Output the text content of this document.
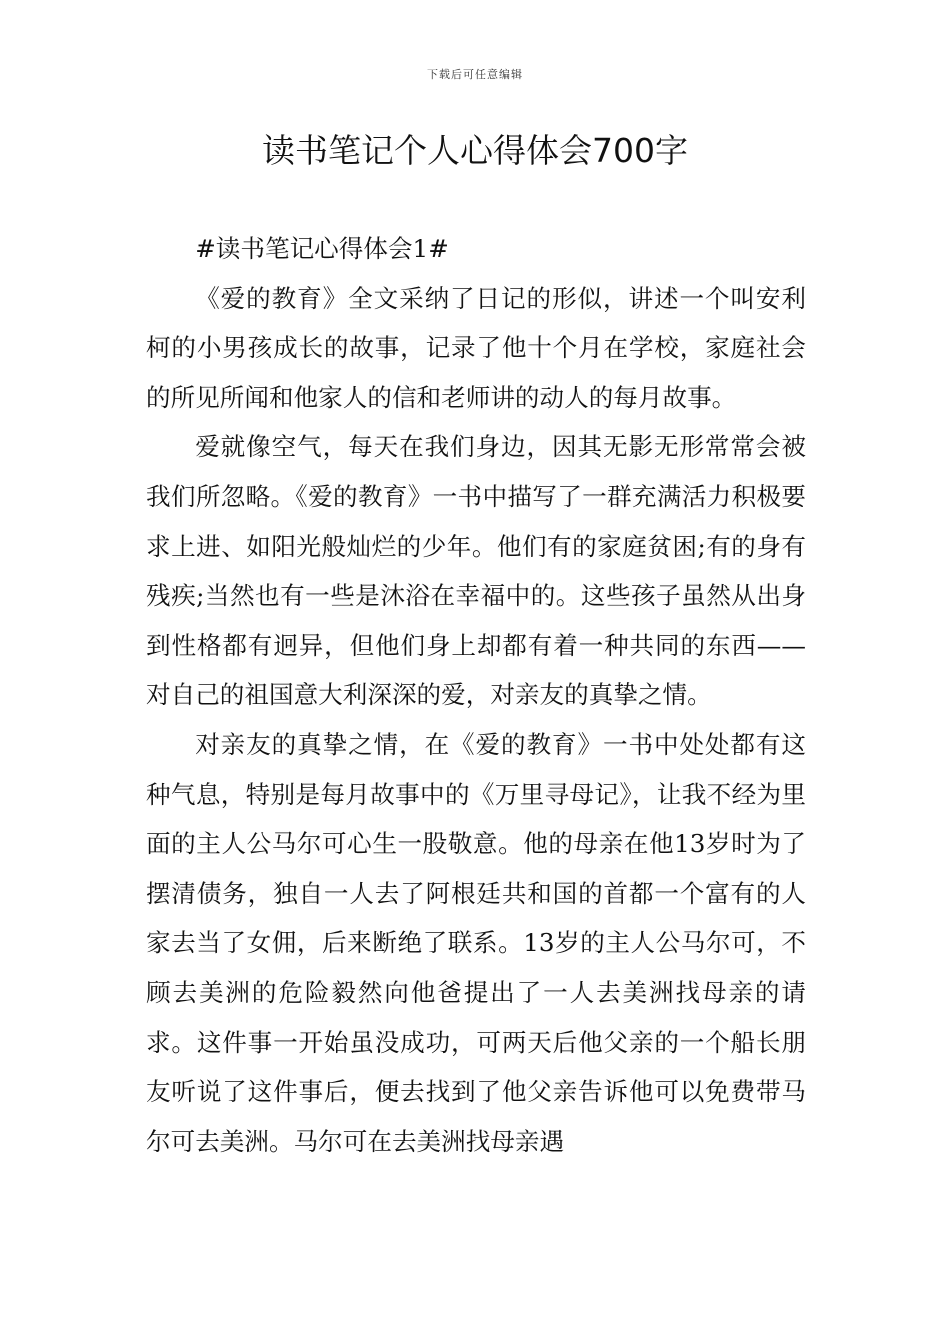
下载后可任意编辑
读书笔记个人心得体会700字

#读书笔记心得体会1#

《爱的教育》全文采纳了日记的形似，讲述一个叫安利柯的小男孩成长的故事，记录了他十个月在学校，家庭社会的所见所闻和他家人的信和老师讲的动人的每月故事。

爱就像空气，每天在我们身边，因其无影无形常常会被我们所忽略。《爱的教育》一书中描写了一群充满活力积极要求上进、如阳光般灿烂的少年。他们有的家庭贫困;有的身有残疾;当然也有一些是沐浴在幸福中的。这些孩子虽然从出身到性格都有迥异，但他们身上却都有着一种共同的东西——对自己的祖国意大利深深的爱，对亲友的真挚之情。

对亲友的真挚之情，在《爱的教育》一书中处处都有这种气息，特别是每月故事中的《万里寻母记》，让我不经为里面的主人公马尔可心生一股敬意。他的母亲在他13岁时为了摆清债务，独自一人去了阿根廷共和国的首都一个富有的人家去当了女佣，后来断绝了联系。13岁的主人公马尔可，不顾去美洲的危险毅然向他爸提出了一人去美洲找母亲的请求。这件事一开始虽没成功，可两天后他父亲的一个船长朋友听说了这件事后，便去找到了他父亲告诉他可以免费带马尔可去美洲。马尔可在去美洲找母亲遇
